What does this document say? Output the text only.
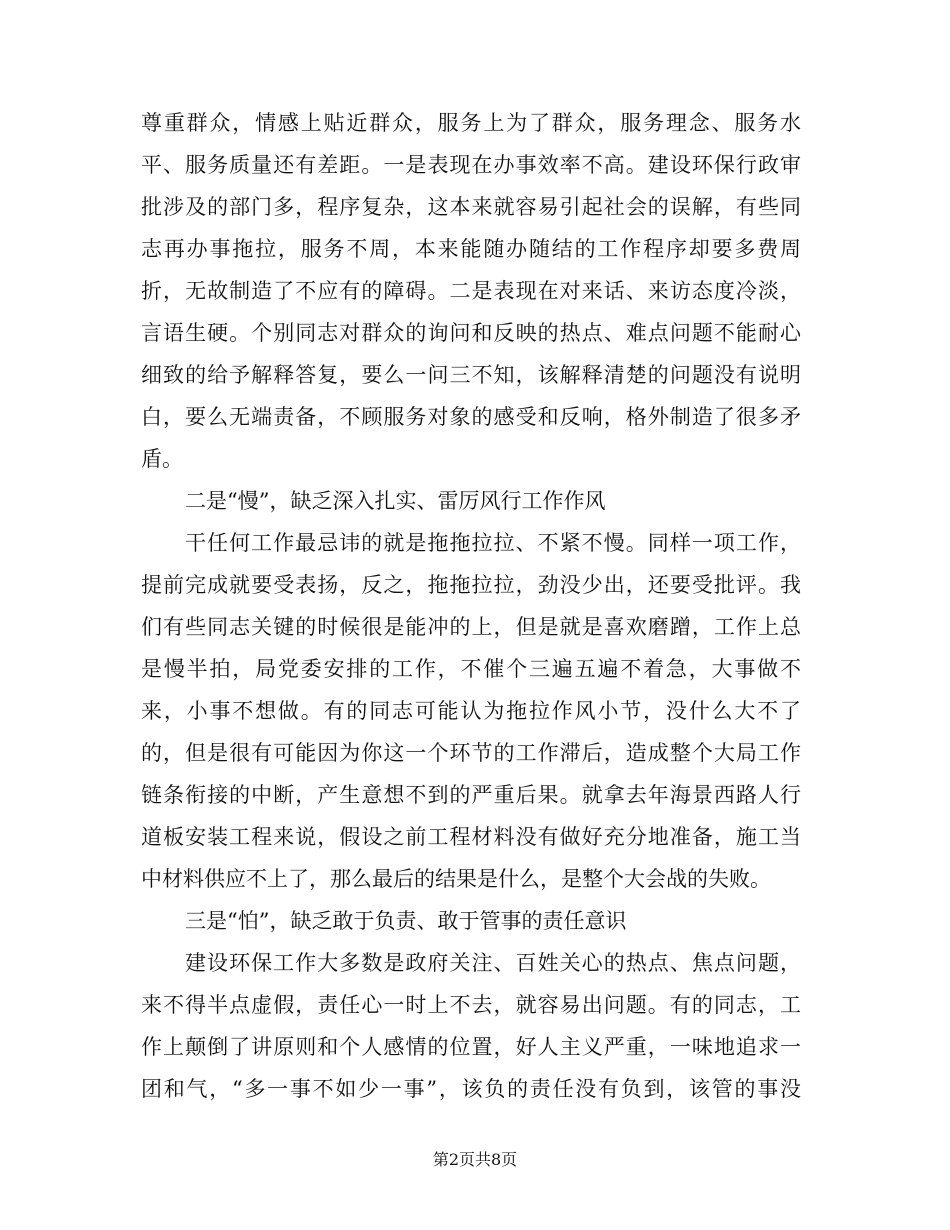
尊重群众，情感上贴近群众，服务上为了群众，服务理念、服务水
平、服务质量还有差距。一是表现在办事效率不高。建设环保行政审
批涉及的部门多，程序复杂，这本来就容易引起社会的误解，有些同
志再办事拖拉，服务不周，本来能随办随结的工作程序却要多费周
折，无故制造了不应有的障碍。二是表现在对来话、来访态度冷淡，
言语生硬。个别同志对群众的询问和反映的热点、难点问题不能耐心
细致的给予解释答复，要么一问三不知，该解释清楚的问题没有说明
白，要么无端责备，不顾服务对象的感受和反响，格外制造了很多矛
盾。
二是“慢”，缺乏深入扎实、雷厉风行工作作风
干任何工作最忌讳的就是拖拖拉拉、不紧不慢。同样一项工作，
提前完成就要受表扬，反之，拖拖拉拉，劲没少出，还要受批评。我
们有些同志关键的时候很是能冲的上，但是就是喜欢磨蹭，工作上总
是慢半拍，局党委安排的工作，不催个三遍五遍不着急，大事做不
来，小事不想做。有的同志可能认为拖拉作风小节，没什么大不了
的，但是很有可能因为你这一个环节的工作滞后，造成整个大局工作
链条衔接的中断，产生意想不到的严重后果。就拿去年海景西路人行
道板安装工程来说，假设之前工程材料没有做好充分地准备，施工当
中材料供应不上了，那么最后的结果是什么，是整个大会战的失败。
三是“怕”，缺乏敢于负责、敢于管事的责任意识
建设环保工作大多数是政府关注、百姓关心的热点、焦点问题，
来不得半点虚假，责任心一时上不去，就容易出问题。有的同志，工
作上颠倒了讲原则和个人感情的位置，好人主义严重，一味地追求一
团和气，“多一事不如少一事”，该负的责任没有负到，该管的事没
第2页共8页
